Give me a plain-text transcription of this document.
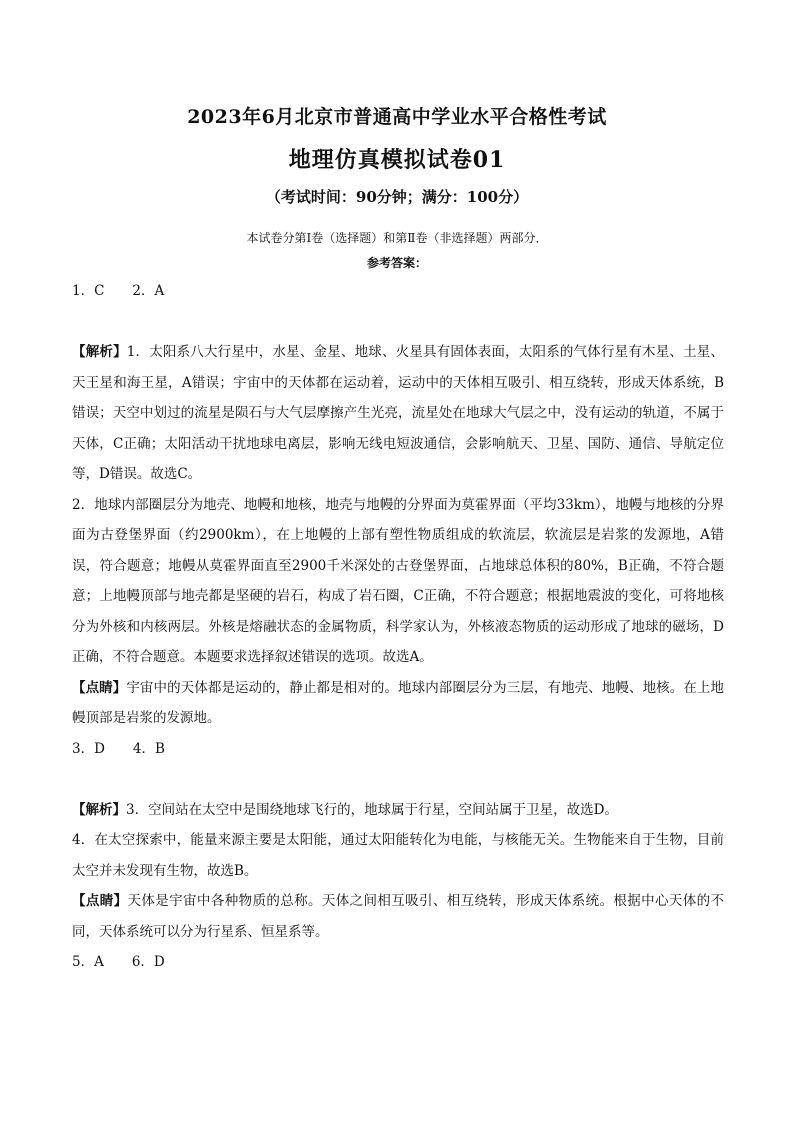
2023年6月北京市普通高中学业水平合格性考试
地理仿真模拟试卷01
（考试时间：90分钟；满分：100分）
本试卷分第Ⅰ卷（选择题）和第Ⅱ卷（非选择题）两部分．
参考答案：

1．C 2．A

【解析】1．太阳系八大行星中，水星、金星、地球、火星具有固体表面，太阳系的气体行星有木星、土星、天王星和海王星，A错误；宇宙中的天体都在运动着，运动中的天体相互吸引、相互绕转，形成天体系统，B错误；天空中划过的流星是陨石与大气层摩擦产生光亮，流星处在地球大气层之中，没有运动的轨道，不属于天体，C正确；太阳活动干扰地球电离层，影响无线电短波通信，会影响航天、卫星、国防、通信、导航定位等，D错误。故选C。

2．地球内部圈层分为地壳、地幔和地核，地壳与地幔的分界面为莫霍界面（平均33km），地幔与地核的分界面为古登堡界面（约2900km），在上地幔的上部有塑性物质组成的软流层，软流层是岩浆的发源地，A错误，符合题意；地幔从莫霍界面直至2900千米深处的古登堡界面，占地球总体积的80%，B正确，不符合题意；上地幔顶部与地壳都是坚硬的岩石，构成了岩石圈，C正确，不符合题意；根据地震波的变化，可将地核分为外核和内核两层。外核是熔融状态的金属物质，科学家认为，外核液态物质的运动形成了地球的磁场，D正确，不符合题意。本题要求选择叙述错误的选项。故选A。

【点睛】宇宙中的天体都是运动的，静止都是相对的。地球内部圈层分为三层，有地壳、地幔、地核。在上地幔顶部是岩浆的发源地。

3．D 4．B

【解析】3．空间站在太空中是围绕地球飞行的，地球属于行星，空间站属于卫星，故选D。

4．在太空探索中，能量来源主要是太阳能，通过太阳能转化为电能，与核能无关。生物能来自于生物，目前太空并未发现有生物，故选B。

【点睛】天体是宇宙中各种物质的总称。天体之间相互吸引、相互绕转，形成天体系统。根据中心天体的不同，天体系统可以分为行星系、恒星系等。

5．A 6．D
